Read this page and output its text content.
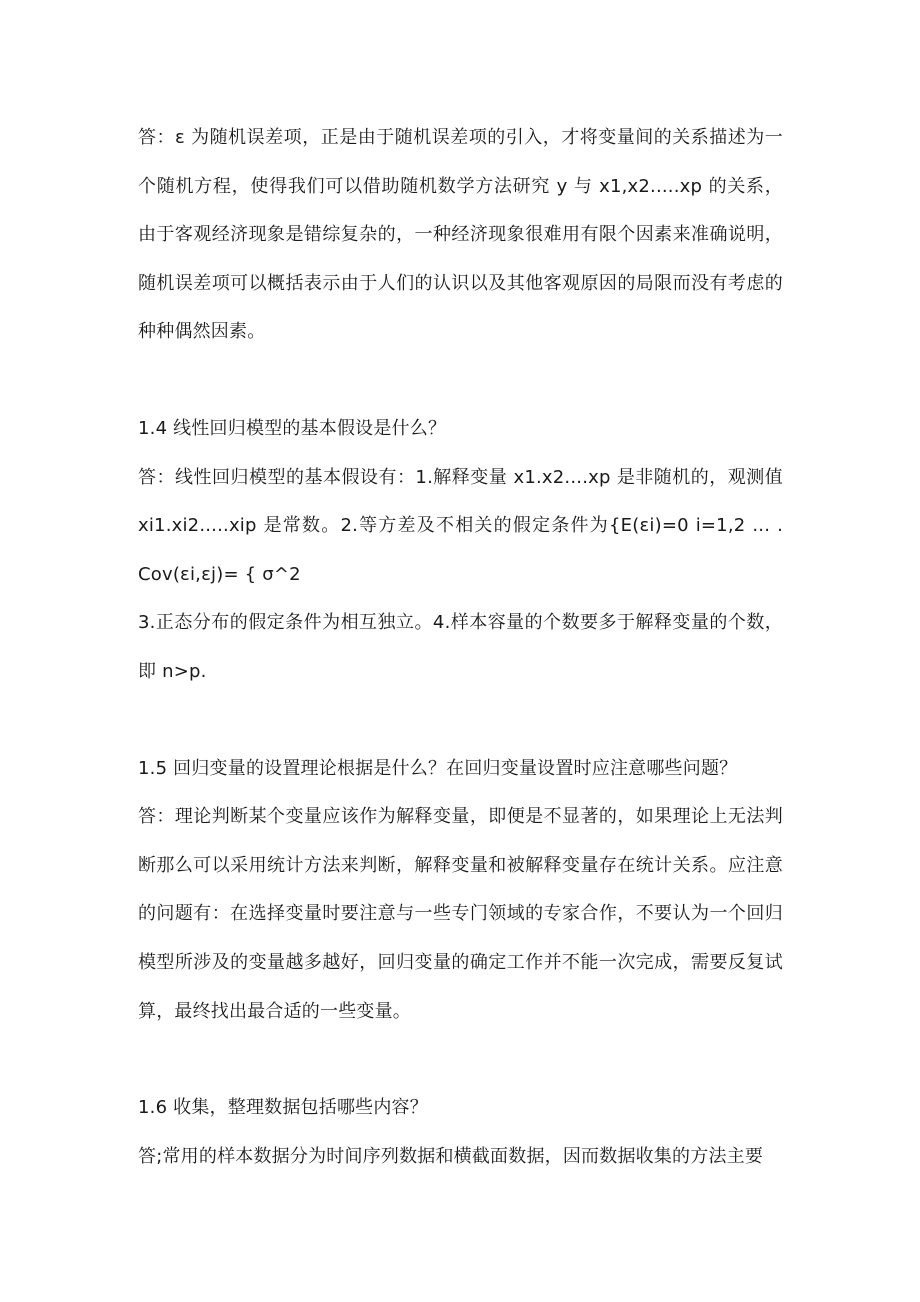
答：ε 为随机误差项，正是由于随机误差项的引入，才将变量间的关系描述为一个随机方程，使得我们可以借助随机数学方法研究 y 与 x1,x2.....xp 的关系，由于客观经济现象是错综复杂的，一种经济现象很难用有限个因素来准确说明，随机误差项可以概括表示由于人们的认识以及其他客观原因的局限而没有考虑的种种偶然因素。

1.4 线性回归模型的基本假设是什么？

答：线性回归模型的基本假设有：1.解释变量 x1.x2....xp 是非随机的，观测值 xi1.xi2.....xip 是常数。2.等方差及不相关的假定条件为{E(εi)=0 i=1,2 ... . Cov(εi,εj)= { σ^2

3.正态分布的假定条件为相互独立。4.样本容量的个数要多于解释变量的个数，即 n>p.

1.5 回归变量的设置理论根据是什么？在回归变量设置时应注意哪些问题？

答：理论判断某个变量应该作为解释变量，即便是不显著的，如果理论上无法判断那么可以采用统计方法来判断，解释变量和被解释变量存在统计关系。应注意的问题有：在选择变量时要注意与一些专门领域的专家合作，不要认为一个回归模型所涉及的变量越多越好，回归变量的确定工作并不能一次完成，需要反复试算，最终找出最合适的一些变量。

1.6 收集，整理数据包括哪些内容？

答;常用的样本数据分为时间序列数据和横截面数据，因而数据收集的方法主要
